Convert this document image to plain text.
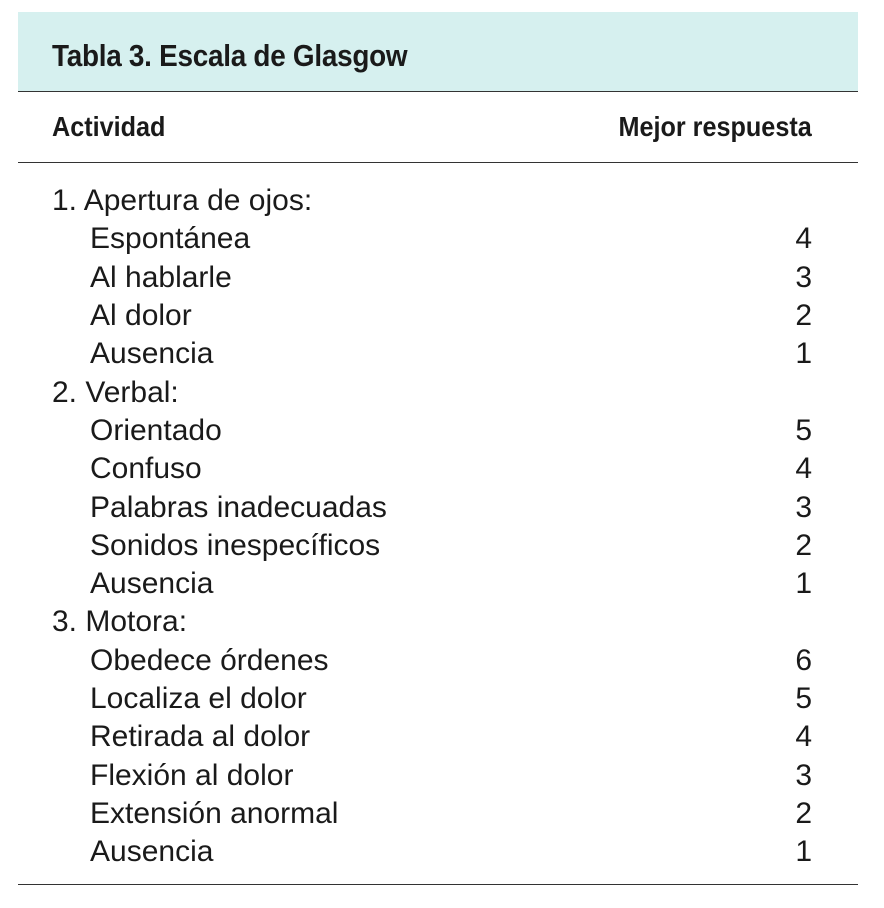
Tabla 3. Escala de Glasgow
Actividad	Mejor respuesta
1. Apertura de ojos:
Espontánea	4
Al hablarle	3
Al dolor	2
Ausencia	1
2. Verbal:
Orientado	5
Confuso	4
Palabras inadecuadas	3
Sonidos inespecíficos	2
Ausencia	1
3. Motora:
Obedece órdenes	6
Localiza el dolor	5
Retirada al dolor	4
Flexión al dolor	3
Extensión anormal	2
Ausencia	1
